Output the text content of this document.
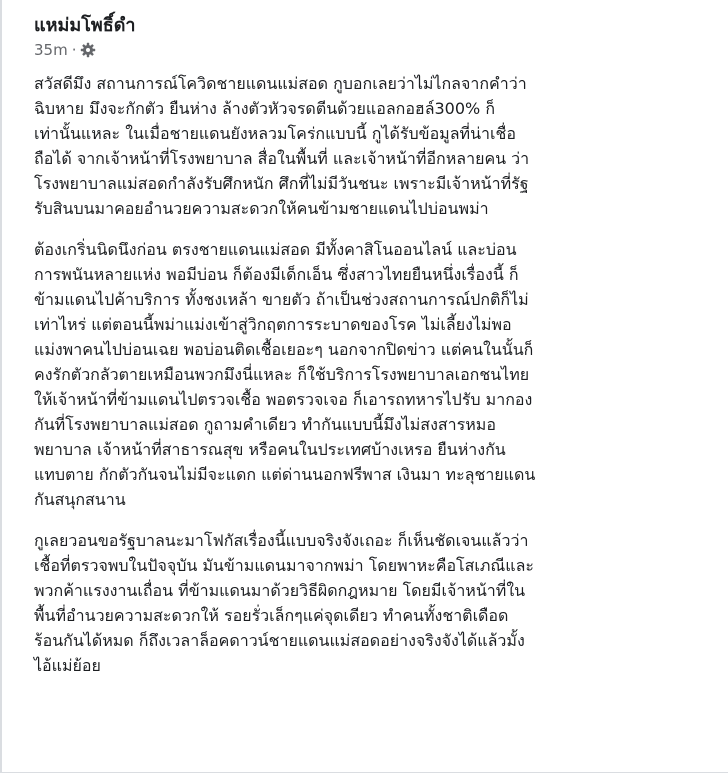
แหม่มโพธิ์ดำ
35m ·

สวัสดีมึง สถานการณ์โควิดชายแดนแม่สอด กูบอกเลยว่าไม่ไกลจากคำว่า
ฉิบหาย มึงจะกักตัว ยืนห่าง ล้างตัวหัวจรดตีนด้วยแอลกอฮล์300% ก็
เท่านั้นแหละ ในเมื่อชายแดนยังหลวมโคร่กแบบนี้ กูได้รับข้อมูลที่น่าเชื่อ
ถือได้ จากเจ้าหน้าที่โรงพยาบาล สื่อในพื้นที่ และเจ้าหน้าที่อีกหลายคน ว่า
โรงพยาบาลแม่สอดกำลังรับศึกหนัก ศึกที่ไม่มีวันชนะ เพราะมีเจ้าหน้าที่รัฐ
รับสินบนมาคอยอำนวยความสะดวกให้คนข้ามชายแดนไปบ่อนพม่า

ต้องเกริ่นนิดนึงก่อน ตรงชายแดนแม่สอด มีทั้งคาสิโนออนไลน์ และบ่อน
การพนันหลายแห่ง พอมีบ่อน ก็ต้องมีเด็กเอ็น ซึ่งสาวไทยยืนหนึ่งเรื่องนี้ ก็
ข้ามแดนไปค้าบริการ ทั้งชงเหล้า ขายตัว ถ้าเป็นช่วงสถานการณ์ปกติก็ไม่
เท่าไหร่ แต่ตอนนี้พม่าแม่งเข้าสู่วิกฤตการระบาดของโรค ไม่เลี้ยงไม่พอ
แม่งพาคนไปบ่อนเฉย พอบ่อนติดเชื้อเยอะๆ นอกจากปิดข่าว แต่คนในนั้นก็
คงรักตัวกลัวตายเหมือนพวกมึงนี่แหละ ก็ใช้บริการโรงพยาบาลเอกชนไทย
ให้เจ้าหน้าที่ข้ามแดนไปตรวจเชื้อ พอตรวจเจอ ก็เอารถทหารไปรับ มากอง
กันที่โรงพยาบาลแม่สอด กูถามคำเดียว ทำกันแบบนี้มึงไม่สงสารหมอ
พยาบาล เจ้าหน้าที่สาธารณสุข หรือคนในประเทศบ้างเหรอ ยืนห่างกัน
แทบตาย กักตัวกันจนไม่มีจะแดก แต่ด่านนอกฟรีพาส เงินมา ทะลุชายแดน
กันสนุกสนาน

กูเลยวอนขอรัฐบาลนะมาโฟกัสเรื่องนี้แบบจริงจังเถอะ ก็เห็นชัดเจนแล้วว่า
เชื้อที่ตรวจพบในปัจจุบัน มันข้ามแดนมาจากพม่า โดยพาหะคือโสเภณีและ
พวกค้าแรงงานเถื่อน ที่ข้ามแดนมาด้วยวิธีผิดกฎหมาย โดยมีเจ้าหน้าที่ใน
พื้นที่อำนวยความสะดวกให้ รอยรั่วเล็กๆแค่จุดเดียว ทำคนทั้งชาติเดือด
ร้อนกันได้หมด ก็ถึงเวลาล็อคดาวน์ชายแดนแม่สอดอย่างจริงจังได้แล้วมั้ง
ไอ้แม่ย้อย
